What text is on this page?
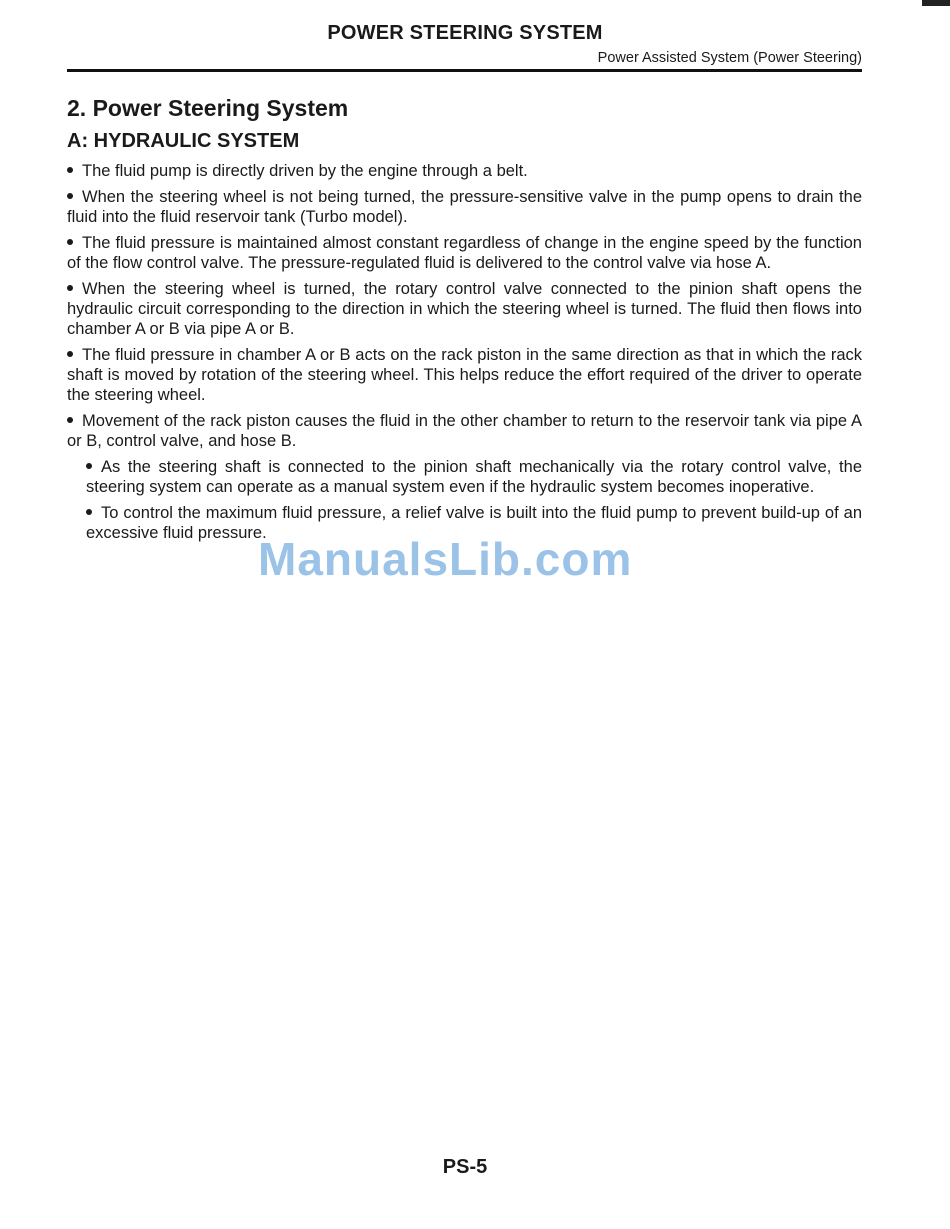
POWER STEERING SYSTEM
Power Assisted System (Power Steering)
2. Power Steering System
A: HYDRAULIC SYSTEM

The fluid pump is directly driven by the engine through a belt.

When the steering wheel is not being turned, the pressure-sensitive valve in the pump opens to drain the fluid into the fluid reservoir tank (Turbo model).

The fluid pressure is maintained almost constant regardless of change in the engine speed by the function of the flow control valve. The pressure-regulated fluid is delivered to the control valve via hose A.

When the steering wheel is turned, the rotary control valve connected to the pinion shaft opens the hydraulic circuit corresponding to the direction in which the steering wheel is turned. The fluid then flows into chamber A or B via pipe A or B.

The fluid pressure in chamber A or B acts on the rack piston in the same direction as that in which the rack shaft is moved by rotation of the steering wheel. This helps reduce the effort required of the driver to operate the steering wheel.

Movement of the rack piston causes the fluid in the other chamber to return to the reservoir tank via pipe A or B, control valve, and hose B.

As the steering shaft is connected to the pinion shaft mechanically via the rotary control valve, the steering system can operate as a manual system even if the hydraulic system becomes inoperative.

To control the maximum fluid pressure, a relief valve is built into the fluid pump to prevent build-up of an excessive fluid pressure.

ManualsLib.com
PS-5
